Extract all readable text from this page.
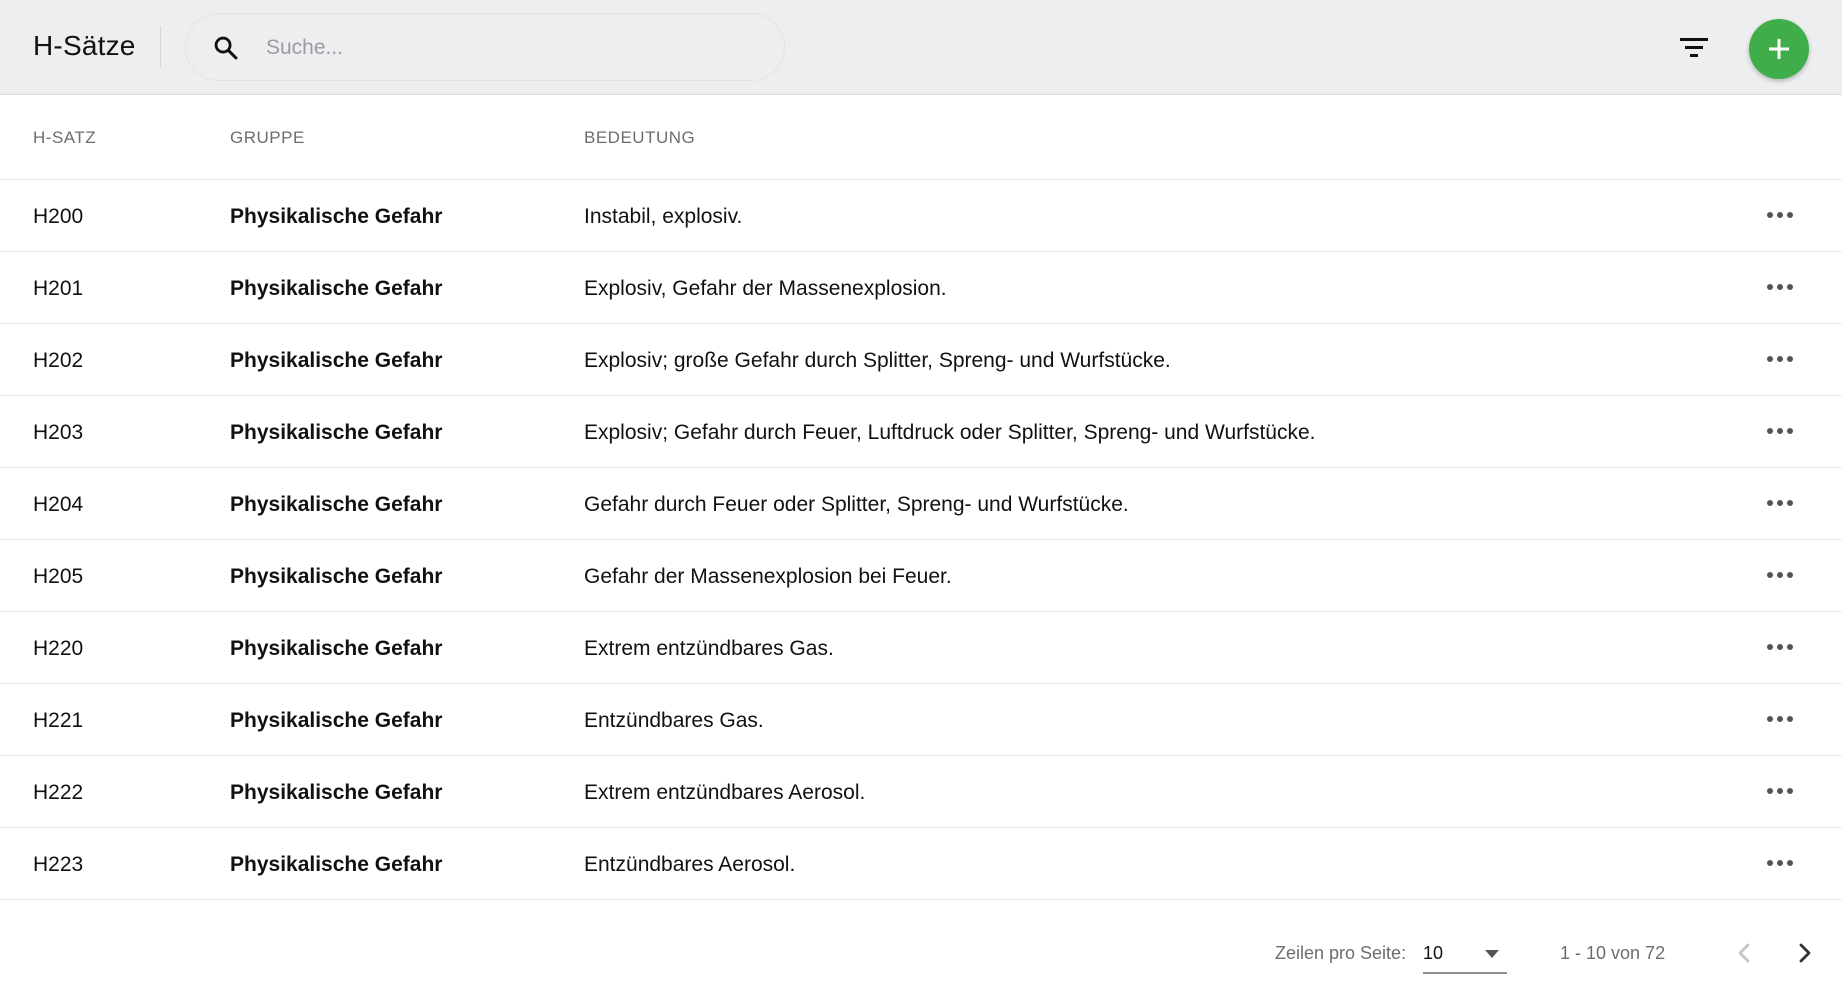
H-Sätze
Suche...
H-SATZ	GRUPPE	BEDEUTUNG
H200	Physikalische Gefahr	Instabil, explosiv.
H201	Physikalische Gefahr	Explosiv, Gefahr der Massenexplosion.
H202	Physikalische Gefahr	Explosiv; große Gefahr durch Splitter, Spreng- und Wurfstücke.
H203	Physikalische Gefahr	Explosiv; Gefahr durch Feuer, Luftdruck oder Splitter, Spreng- und Wurfstücke.
H204	Physikalische Gefahr	Gefahr durch Feuer oder Splitter, Spreng- und Wurfstücke.
H205	Physikalische Gefahr	Gefahr der Massenexplosion bei Feuer.
H220	Physikalische Gefahr	Extrem entzündbares Gas.
H221	Physikalische Gefahr	Entzündbares Gas.
H222	Physikalische Gefahr	Extrem entzündbares Aerosol.
H223	Physikalische Gefahr	Entzündbares Aerosol.
Zeilen pro Seite: 10	1 - 10 von 72
